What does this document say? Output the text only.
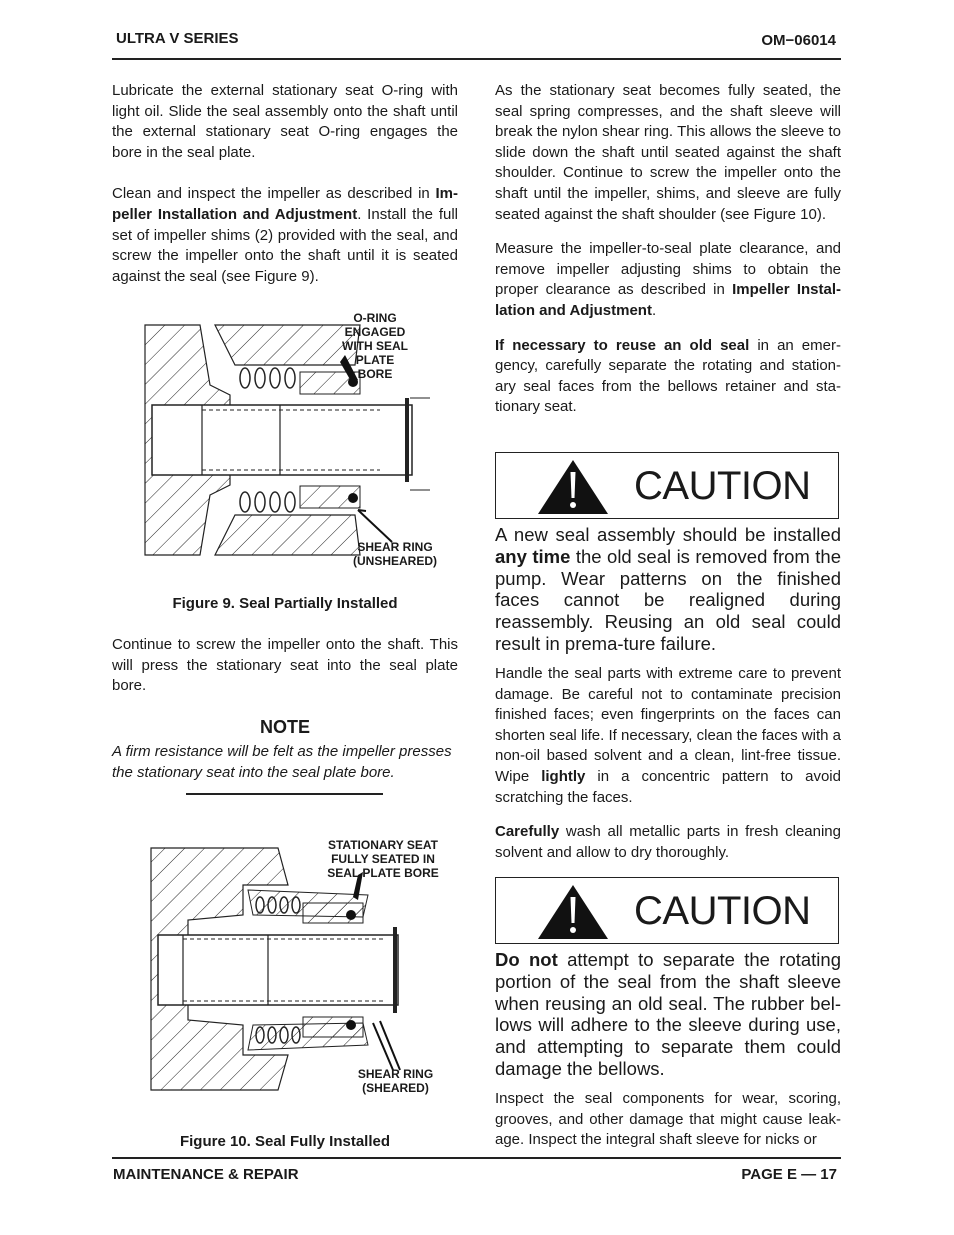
ULTRA V SERIES	OM−06014

Lubricate the external stationary seat O-ring with light oil. Slide the seal assembly onto the shaft until the external stationary seat O-ring engages the bore in the seal plate.

Clean and inspect the impeller as described in Im-peller Installation and Adjustment. Install the full set of impeller shims (2) provided with the seal, and screw the impeller onto the shaft until it is seated against the seal (see Figure 9).

O-RING ENGAGED
WITH SEAL PLATE
BORE
SHEAR RING
(UNSHEARED)
Figure 9. Seal Partially Installed

Continue to screw the impeller onto the shaft. This will press the stationary seat into the seal plate bore.

NOTE
A firm resistance will be felt as the impeller presses the stationary seat into the seal plate bore.
STATIONARY SEAT
FULLY SEATED IN
SEAL PLATE BORE
SHEAR RING
(SHEARED)
Figure 10. Seal Fully Installed

As the stationary seat becomes fully seated, the seal spring compresses, and the shaft sleeve will break the nylon shear ring. This allows the sleeve to slide down the shaft until seated against the shaft shoulder. Continue to screw the impeller onto the shaft until the impeller, shims, and sleeve are fully seated against the shaft shoulder (see Figure 10).

Measure the impeller-to-seal plate clearance, and remove impeller adjusting shims to obtain the proper clearance as described in Impeller Instal-lation and Adjustment.

If necessary to reuse an old seal in an emer-gency, carefully separate the rotating and station-ary seal faces from the bellows retainer and sta-tionary seat.

CAUTION
A new seal assembly should be installed any time the old seal is removed from the pump. Wear patterns on the finished faces cannot be realigned during reassembly. Reusing an old seal could result in prema-ture failure.

Handle the seal parts with extreme care to prevent damage. Be careful not to contaminate precision finished faces; even fingerprints on the faces can shorten seal life. If necessary, clean the faces with a non-oil based solvent and a clean, lint-free tissue. Wipe lightly in a concentric pattern to avoid scratching the faces.

Carefully wash all metallic parts in fresh cleaning solvent and allow to dry thoroughly.

CAUTION
Do not attempt to separate the rotating portion of the seal from the shaft sleeve when reusing an old seal. The rubber bel-lows will adhere to the sleeve during use, and attempting to separate them could damage the bellows.

Inspect the seal components for wear, scoring, grooves, and other damage that might cause leak-age. Inspect the integral shaft sleeve for nicks or

MAINTENANCE & REPAIR	PAGE E — 17
